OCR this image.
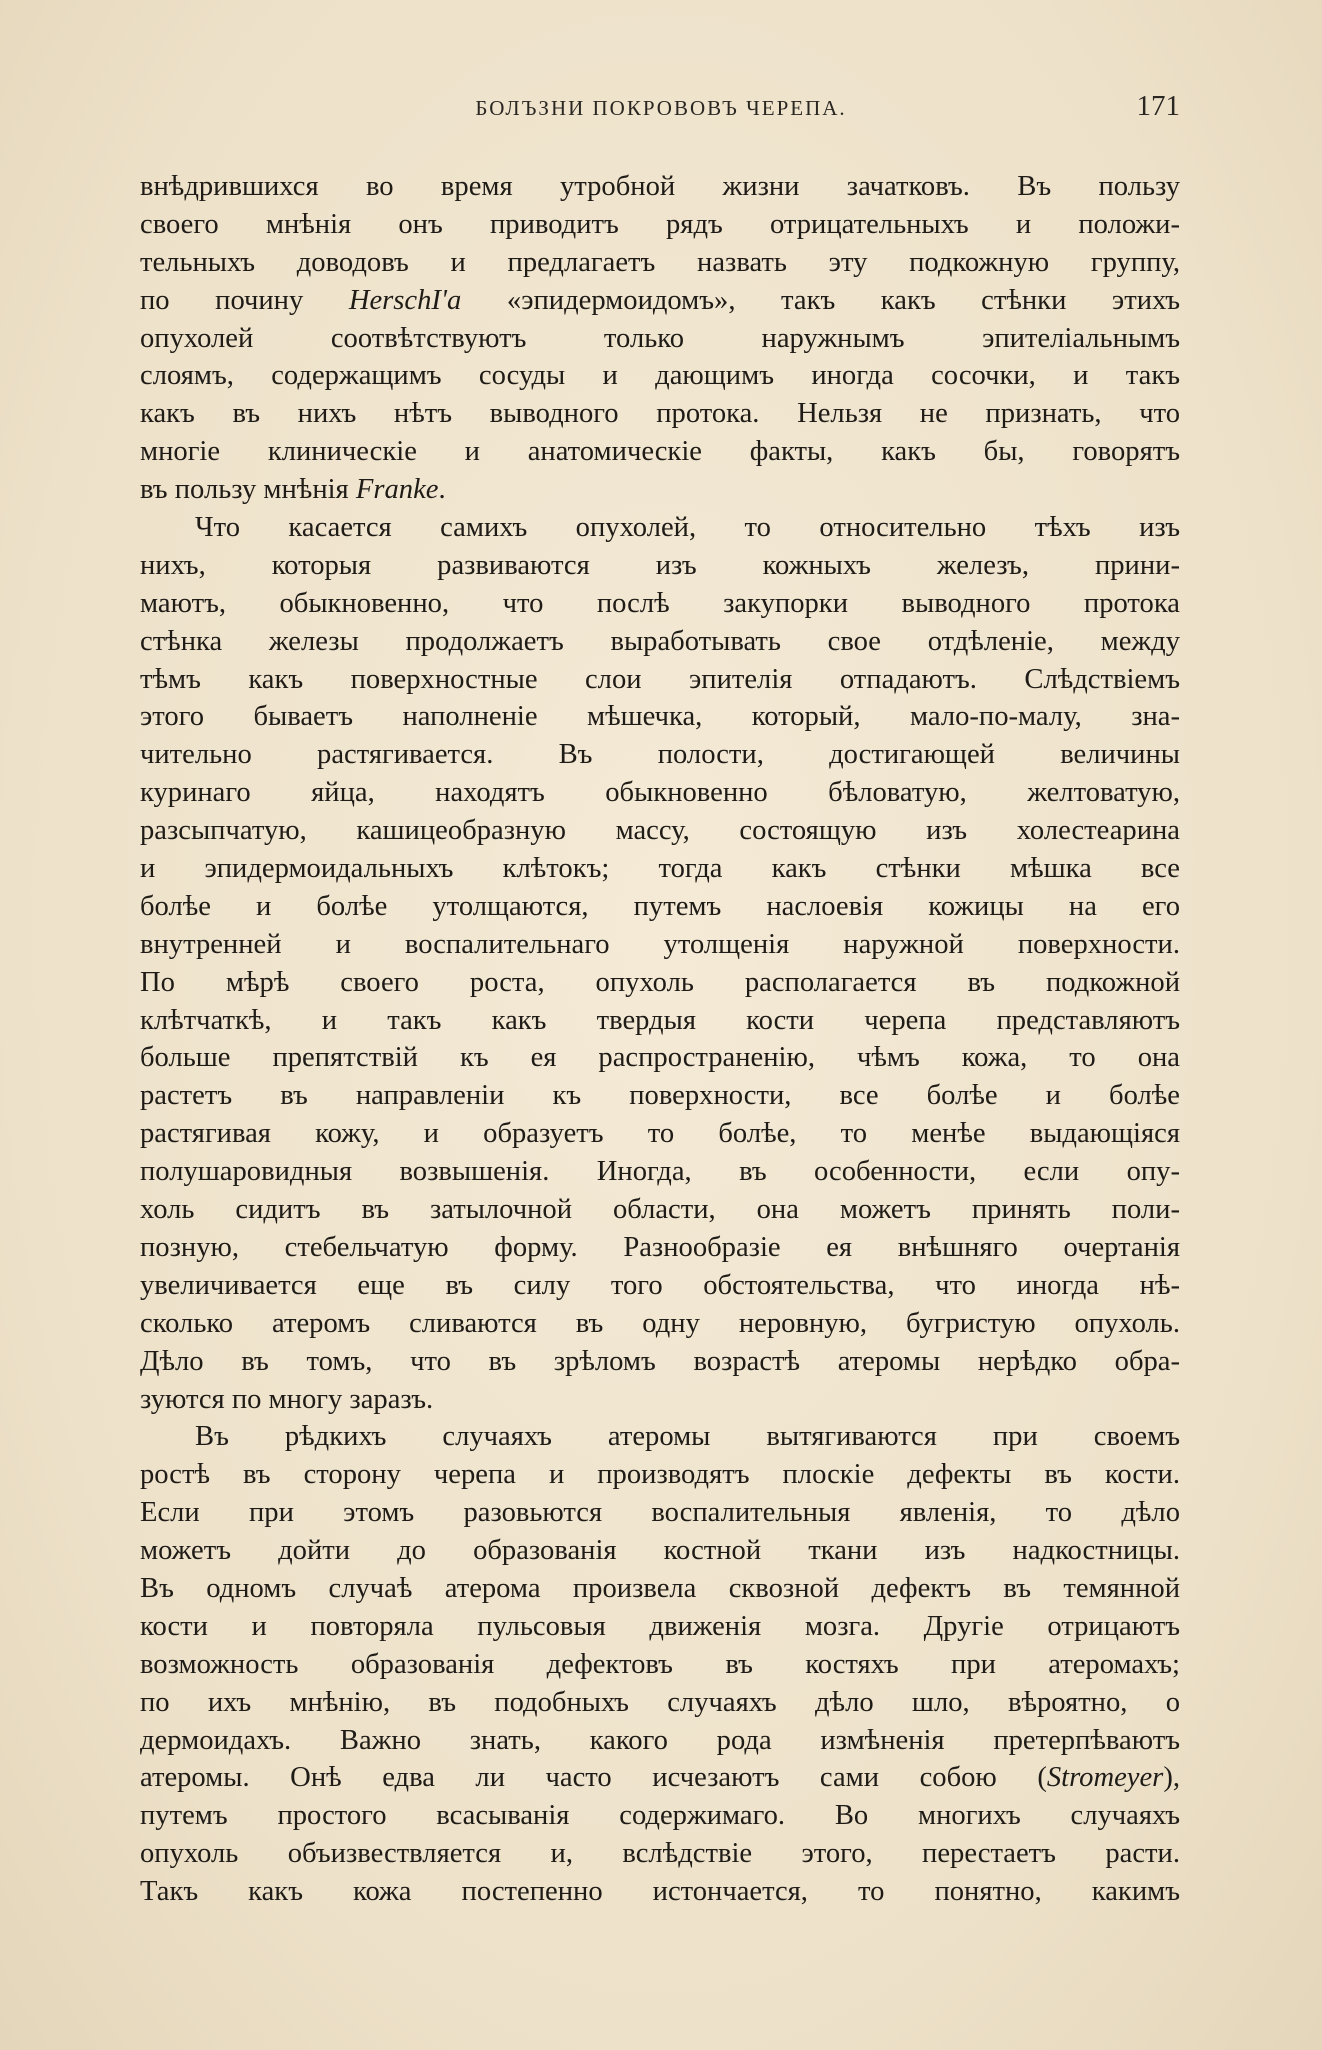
БОЛЪЗНИ ПОКРОВОВЪ ЧЕРЕПА.	171
внѣдрившихся во время утробной жизни зачатковъ. Въ пользу
своего мнѣнія онъ приводитъ рядъ отрицательныхъ и положи-
тельныхъ доводовъ и предлагаетъ назвать эту подкожную группу,
по почину HerschI'a «эпидермоидомъ», такъ какъ стѣнки этихъ
опухолей соотвѣтствуютъ только наружнымъ эпителіальнымъ
слоямъ, содержащимъ сосуды и дающимъ иногда сосочки, и такъ
какъ въ нихъ нѣтъ выводного протока. Нельзя не признать, что
многіе клиническіе и анатомическіе факты, какъ бы, говорятъ
въ пользу мнѣнія Franke.
Что касается самихъ опухолей, то относительно тѣхъ изъ
нихъ, которыя развиваются изъ кожныхъ железъ, прини-
маютъ, обыкновенно, что послѣ закупорки выводного протока
стѣнка железы продолжаетъ выработывать свое отдѣленіе, между
тѣмъ какъ поверхностные слои эпителія отпадаютъ. Слѣдствіемъ
этого бываетъ наполненіе мѣшечка, который, мало-по-малу, зна-
чительно растягивается. Въ полости, достигающей величины
куринаго яйца, находятъ обыкновенно бѣловатую, желтоватую,
разсыпчатую, кашицеобразную массу, состоящую изъ холестеарина
и эпидермоидальныхъ клѣтокъ; тогда какъ стѣнки мѣшка все
болѣе и болѣе утолщаются, путемъ наслоевія кожицы на его
внутренней и воспалительнаго утолщенія наружной поверхности.
По мѣрѣ своего роста, опухоль располагается въ подкожной
клѣтчаткѣ, и такъ какъ твердыя кости черепа представляютъ
больше препятствій къ ея распространенію, чѣмъ кожа, то она
растетъ въ направленіи къ поверхности, все болѣе и болѣе
растягивая кожу, и образуетъ то болѣе, то менѣе выдающіяся
полушаровидныя возвышенія. Иногда, въ особенности, если опу-
холь сидитъ въ затылочной области, она можетъ принять поли-
позную, стебельчатую форму. Разнообразіе ея внѣшняго очертанія
увеличивается еще въ силу того обстоятельства, что иногда нѣ-
сколько атеромъ сливаются въ одну неровную, бугристую опухоль.
Дѣло въ томъ, что въ зрѣломъ возрастѣ атеромы нерѣдко обра-
зуются по многу заразъ.
Въ рѣдкихъ случаяхъ атеромы вытягиваются при своемъ
ростѣ въ сторону черепа и производятъ плоскіе дефекты въ кости.
Если при этомъ разовьются воспалительныя явленія, то дѣло
можетъ дойти до образованія костной ткани изъ надкостницы.
Въ одномъ случаѣ атерома произвела сквозной дефектъ въ темянной
кости и повторяла пульсовыя движенія мозга. Другіе отрицаютъ
возможность образованія дефектовъ въ костяхъ при атеромахъ;
по ихъ мнѣнію, въ подобныхъ случаяхъ дѣло шло, вѣроятно, о
дермоидахъ. Важно знать, какого рода измѣненія претерпѣваютъ
атеромы. Онѣ едва ли часто исчезаютъ сами собою (Stromeyer),
путемъ простого всасыванія содержимаго. Во многихъ случаяхъ
опухоль объизвествляется и, вслѣдствіе этого, перестаетъ расти.
Такъ какъ кожа постепенно истончается, то понятно, какимъ
